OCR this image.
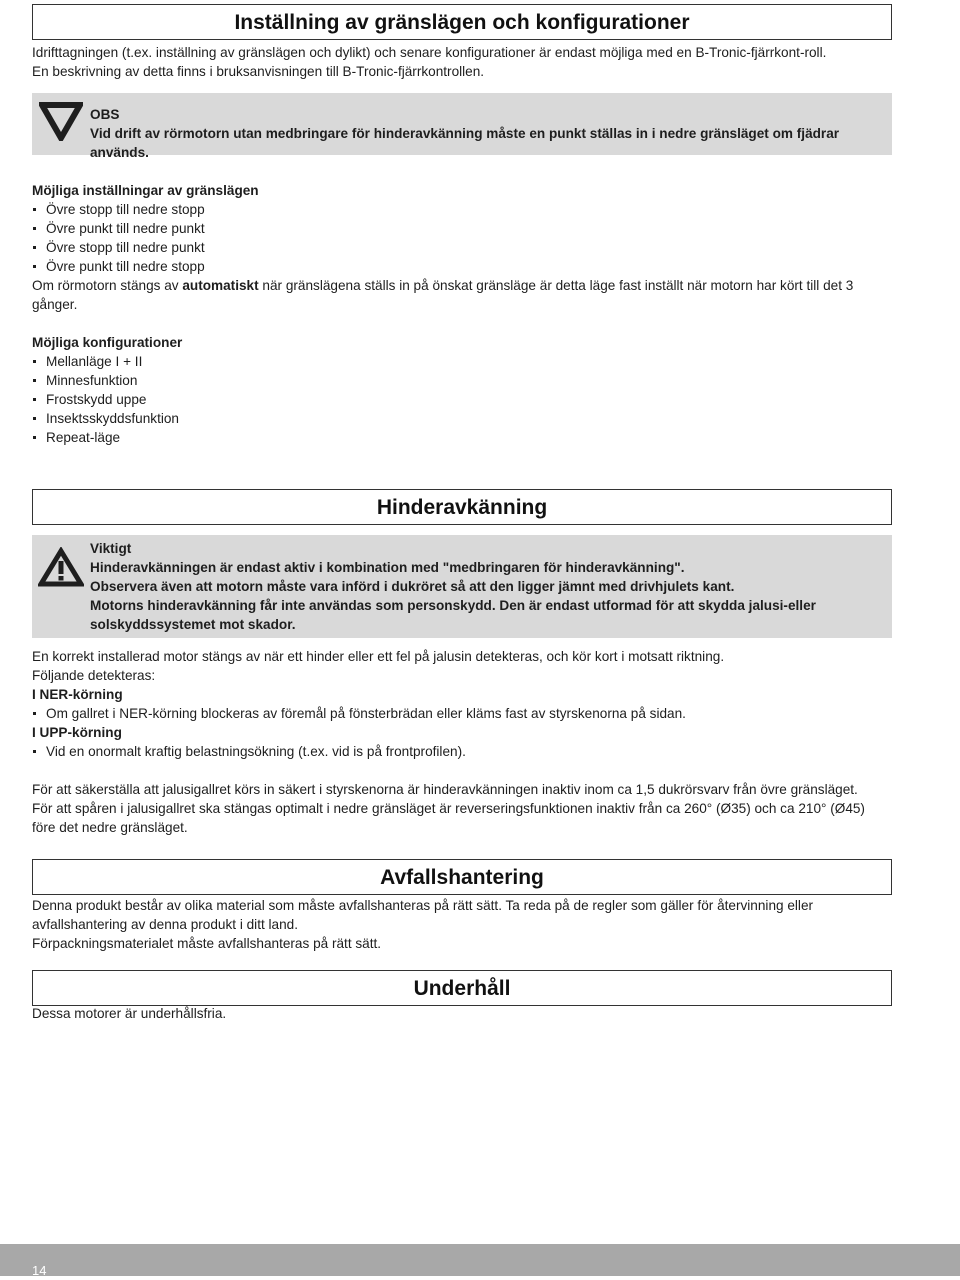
Inställning av gränslägen och konfigurationer

Idrifttagningen (t.ex. inställning av gränslägen och dylikt) och senare konfigurationer är endast möjliga med en B-Tronic-fjärrkont-roll.

En beskrivning av detta finns i bruksanvisningen till B-Tronic-fjärrkontrollen.

OBS
Vid drift av rörmotorn utan medbringare för hinderavkänning måste en punkt ställas in i nedre gränsläget om fjädrar används.

Möjliga inställningar av gränslägen

Övre stopp till nedre stopp
Övre punkt till nedre punkt
Övre stopp till nedre punkt
Övre punkt till nedre stopp

Om rörmotorn stängs av automatiskt när gränslägena ställs in på önskat gränsläge är detta läge fast inställt när motorn har kört till det 3 gånger.

Möjliga konfigurationer

Mellanläge I + II
Minnesfunktion
Frostskydd uppe
Insektsskyddsfunktion
Repeat-läge
Hinderavkänning
Viktigt
Hinderavkänningen är endast aktiv i kombination med "medbringaren för hinderavkänning".
Observera även att motorn måste vara införd i dukröret så att den ligger jämnt med drivhjulets kant.
Motorns hinderavkänning får inte användas som personskydd. Den är endast utformad för att skydda jalusi-eller solskyddssystemet mot skador.

En korrekt installerad motor stängs av när ett hinder eller ett fel på jalusin detekteras, och kör kort i motsatt riktning.

Följande detekteras:

I NER-körning

Om gallret i NER-körning blockeras av föremål på fönsterbrädan eller kläms fast av styrskenorna på sidan.

I UPP-körning

Vid en onormalt kraftig belastningsökning (t.ex. vid is på frontprofilen).

För att säkerställa att jalusigallret körs in säkert i styrskenorna är hinderavkänningen inaktiv inom ca 1,5 dukrörsvarv från övre gränsläget.

För att spåren i jalusigallret ska stängas optimalt i nedre gränsläget är reverseringsfunktionen inaktiv från ca 260° (Ø35) och ca 210° (Ø45) före det nedre gränsläget.

Avfallshantering

Denna produkt består av olika material som måste avfallshanteras på rätt sätt. Ta reda på de regler som gäller för återvinning eller avfallshantering av denna produkt i ditt land.

Förpackningsmaterialet måste avfallshanteras på rätt sätt.

Underhåll

Dessa motorer är underhållsfria.

14
